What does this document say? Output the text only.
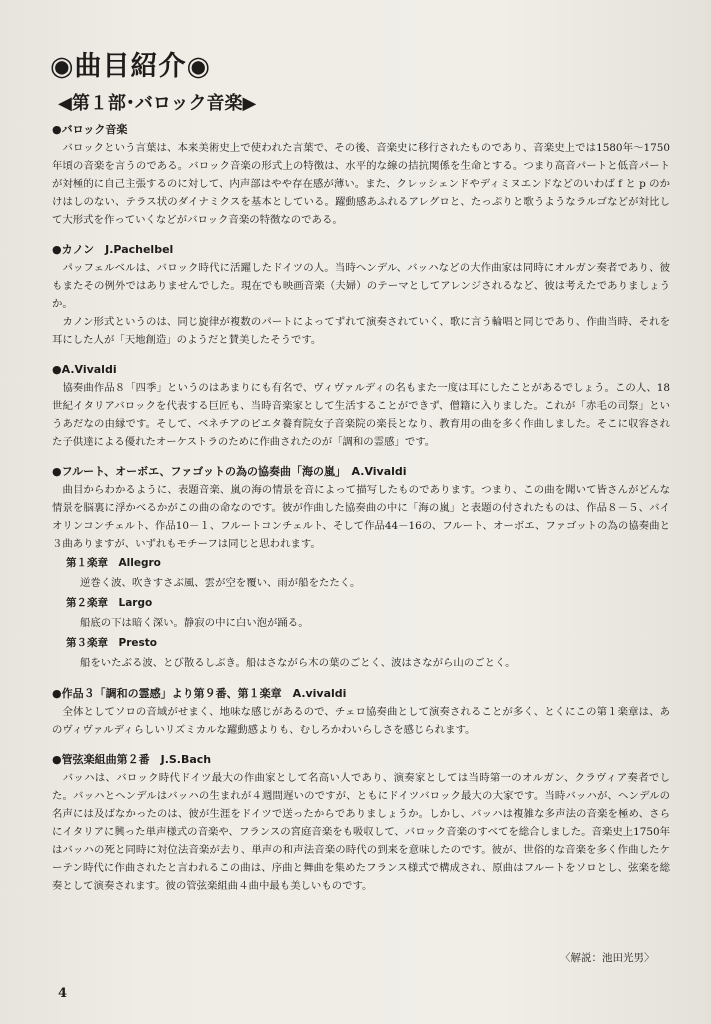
◉曲目紹介◉
◀第１部･バロック音楽▶
●バロック音楽

　バロックという言葉は、本来美術史上で使われた言葉で、その後、音楽史に移行されたものであり、音楽史上では1580年〜1750年頃の音楽を言うのである。バロック音楽の形式上の特徴は、水平的な線の拮抗関係を生命とする。つまり高音パートと低音パートが対極的に自己主張するのに対して、内声部はやや存在感が薄い。また、クレッシェンドやディミヌエンドなどのいわば f と p のかけはしのない、テラス状のダイナミクスを基本としている。躍動感あふれるアレグロと、たっぷりと歌うようなラルゴなどが対比して大形式を作っていくなどがバロック音楽の特徴なのである。

●カノン　J.Pachelbel

　パッフェルベルは、バロック時代に活躍したドイツの人。当時ヘンデル、バッハなどの大作曲家は同時にオルガン奏者であり、彼もまたその例外ではありませんでした。現在でも映画音楽（夫婦）のテーマとしてアレンジされるなど、彼は考えたでありましょうか。

　カノン形式というのは、同じ旋律が複数のパートによってずれて演奏されていく、歌に言う輪唱と同じであり、作曲当時、それを耳にした人が「天地創造」のようだと賛美したそうです。

●A.Vivaldi

　協奏曲作品８「四季」というのはあまりにも有名で、ヴィヴァルディの名もまた一度は耳にしたことがあるでしょう。この人、18世紀イタリアバロックを代表する巨匠も、当時音楽家として生活することができず、僧籍に入りました。これが「赤毛の司祭」というあだなの由縁です。そして、ベネチアのピエタ養育院女子音楽院の楽長となり、教育用の曲を多く作曲しました。そこに収容された子供達による優れたオーケストラのために作曲されたのが「調和の霊感」です。

●フルート、オーボエ、ファゴットの為の協奏曲「海の嵐」　A.Vivaldi

　曲目からわかるように、表題音楽、嵐の海の情景を音によって描写したものであります。つまり、この曲を聞いて皆さんがどんな情景を脳裏に浮かべるかがこの曲の命なのです。彼が作曲した協奏曲の中に「海の嵐」と表題の付されたものは、作品８－５、バイオリンコンチェルト、作品10－１、フルートコンチェルト、そして作品44－16の、フルート、オーボエ、ファゴットの為の協奏曲と３曲ありますが、いずれもモチーフは同じと思われます。

第１楽章　Allegro
逆巻く波、吹きすさぶ風、雲が空を覆い、雨が船をたたく。
第２楽章　Largo
船底の下は暗く深い。静寂の中に白い泡が踊る。
第３楽章　Presto
船をいたぶる波、とび散るしぶき。船はさながら木の葉のごとく、波はさながら山のごとく。
●作品３「調和の霊感」より第９番、第１楽章　A.vivaldi

　全体としてソロの音域がせまく、地味な感じがあるので、チェロ協奏曲として演奏されることが多く、とくにこの第１楽章は、あのヴィヴァルディらしいリズミカルな躍動感よりも、むしろかわいらしさを感じられます。

●管弦楽組曲第２番　J.S.Bach

　バッハは、バロック時代ドイツ最大の作曲家として名高い人であり、演奏家としては当時第一のオルガン、クラヴィア奏者でした。バッハとヘンデルはバッハの生まれが４週間遅いのですが、ともにドイツバロック最大の大家です。当時バッハが、ヘンデルの名声には及ばなかったのは、彼が生涯をドイツで送ったからでありましょうか。しかし、バッハは複雑な多声法の音楽を極め、さらにイタリアに興った単声様式の音楽や、フランスの宮庭音楽をも吸収して、バロック音楽のすべてを総合しました。音楽史上1750年はバッハの死と同時に対位法音楽が去り、単声の和声法音楽の時代の到来を意味したのです。彼が、世俗的な音楽を多く作曲したケーテン時代に作曲されたと言われるこの曲は、序曲と舞曲を集めたフランス様式で構成され、原曲はフルートをソロとし、弦楽を総奏として演奏されます。彼の管弦楽組曲４曲中最も美しいものです。

〈解説：池田光男〉
4
